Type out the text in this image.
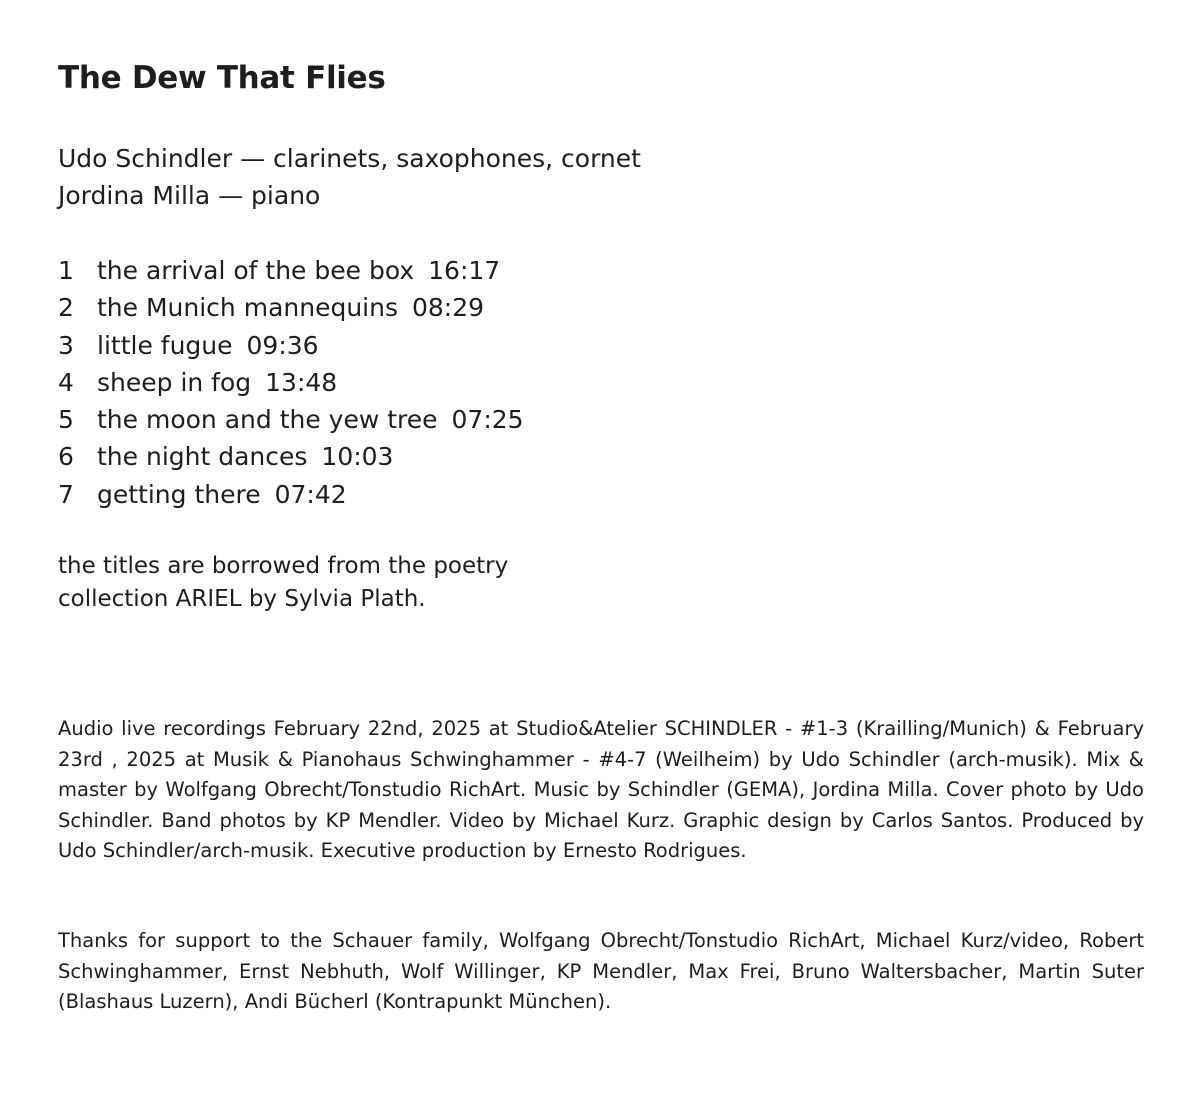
The Dew That Flies
Udo Schindler — clarinets, saxophones, cornet
Jordina Milla — piano
1 the arrival of the bee box 16:17
2 the Munich mannequins 08:29
3 little fugue 09:36
4 sheep in fog 13:48
5 the moon and the yew tree 07:25
6 the night dances 10:03
7 getting there 07:42
the titles are borrowed from the poetry
collection ARIEL by Sylvia Plath.

Audio live recordings February 22nd, 2025 at Studio&Atelier SCHINDLER - #1-3 (Krailling/Munich) & February 23rd , 2025 at Musik & Pianohaus Schwinghammer - #4-7 (Weilheim) by Udo Schindler (arch-musik). Mix & master by Wolfgang Obrecht/Tonstudio RichArt. Music by Schindler (GEMA), Jordina Milla. Cover photo by Udo Schindler. Band photos by KP Mendler. Video by Michael Kurz. Graphic design by Carlos Santos. Produced by Udo Schindler/arch-musik. Executive production by Ernesto Rodrigues.

Thanks for support to the Schauer family, Wolfgang Obrecht/Tonstudio RichArt, Michael Kurz/video, Robert Schwinghammer, Ernst Nebhuth, Wolf Willinger, KP Mendler, Max Frei, Bruno Waltersbacher, Martin Suter (Blashaus Luzern), Andi Bücherl (Kontrapunkt München).
